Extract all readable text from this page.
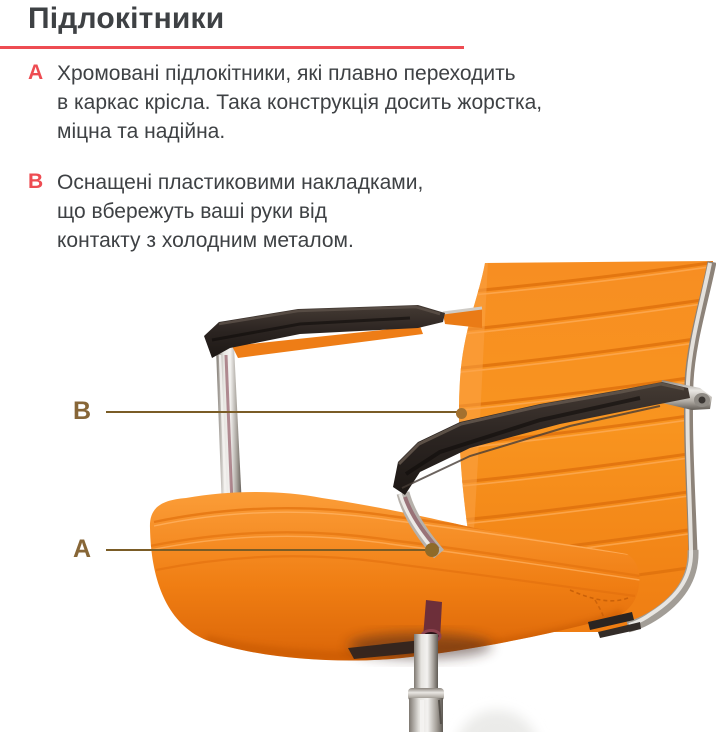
Підлокітники
A Хромовані підлокітники, які плавно переходить
в каркас крісла. Така конструкція досить жорстка,
міцна та надійна.
B Оснащені пластиковими накладками,
що вбережуть ваші руки від
контакту з холодним металом.
B
A
